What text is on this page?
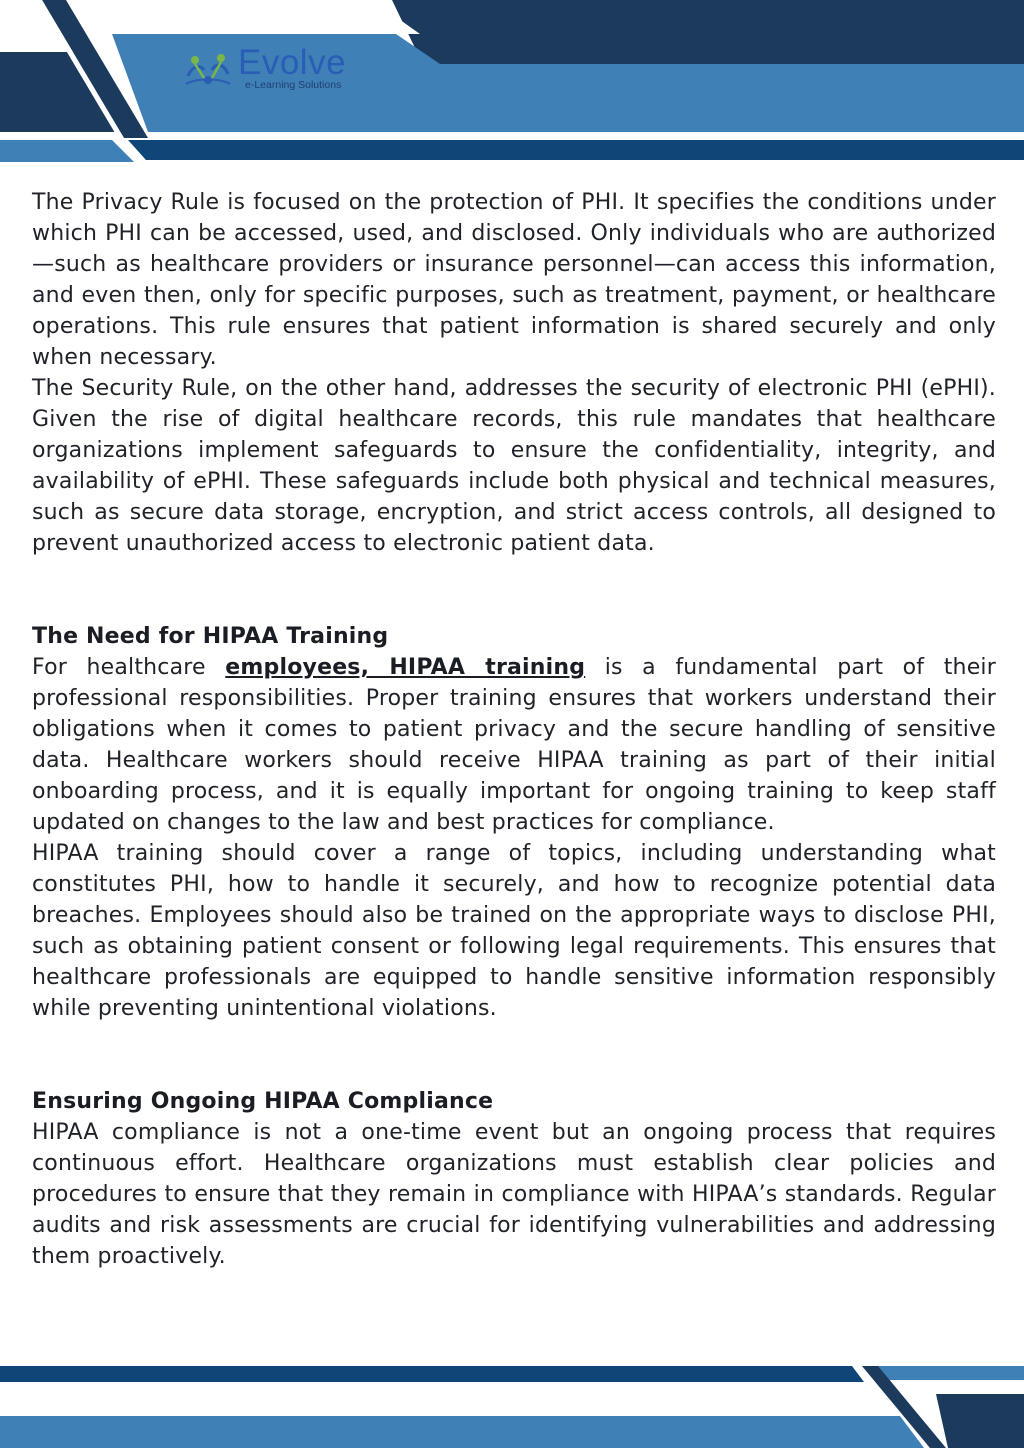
Evolve
e-Learning Solutions

The Privacy Rule is focused on the protection of PHI. It specifies the conditions under which PHI can be accessed, used, and disclosed. Only individuals who are authorized—such as healthcare providers or insurance personnel—can access this information, and even then, only for specific purposes, such as treatment, payment, or healthcare operations. This rule ensures that patient information is shared securely and only when necessary.

The Security Rule, on the other hand, addresses the security of electronic PHI (ePHI). Given the rise of digital healthcare records, this rule mandates that healthcare organizations implement safeguards to ensure the confidentiality, integrity, and availability of ePHI. These safeguards include both physical and technical measures, such as secure data storage, encryption, and strict access controls, all designed to prevent unauthorized access to electronic patient data.

The Need for HIPAA Training

For healthcare employees, HIPAA training is a fundamental part of their professional responsibilities. Proper training ensures that workers understand their obligations when it comes to patient privacy and the secure handling of sensitive data. Healthcare workers should receive HIPAA training as part of their initial onboarding process, and it is equally important for ongoing training to keep staff updated on changes to the law and best practices for compliance.

HIPAA training should cover a range of topics, including understanding what constitutes PHI, how to handle it securely, and how to recognize potential data breaches. Employees should also be trained on the appropriate ways to disclose PHI, such as obtaining patient consent or following legal requirements. This ensures that healthcare professionals are equipped to handle sensitive information responsibly while preventing unintentional violations.

Ensuring Ongoing HIPAA Compliance

HIPAA compliance is not a one-time event but an ongoing process that requires continuous effort. Healthcare organizations must establish clear policies and procedures to ensure that they remain in compliance with HIPAA’s standards. Regular audits and risk assessments are crucial for identifying vulnerabilities and addressing them proactively.
